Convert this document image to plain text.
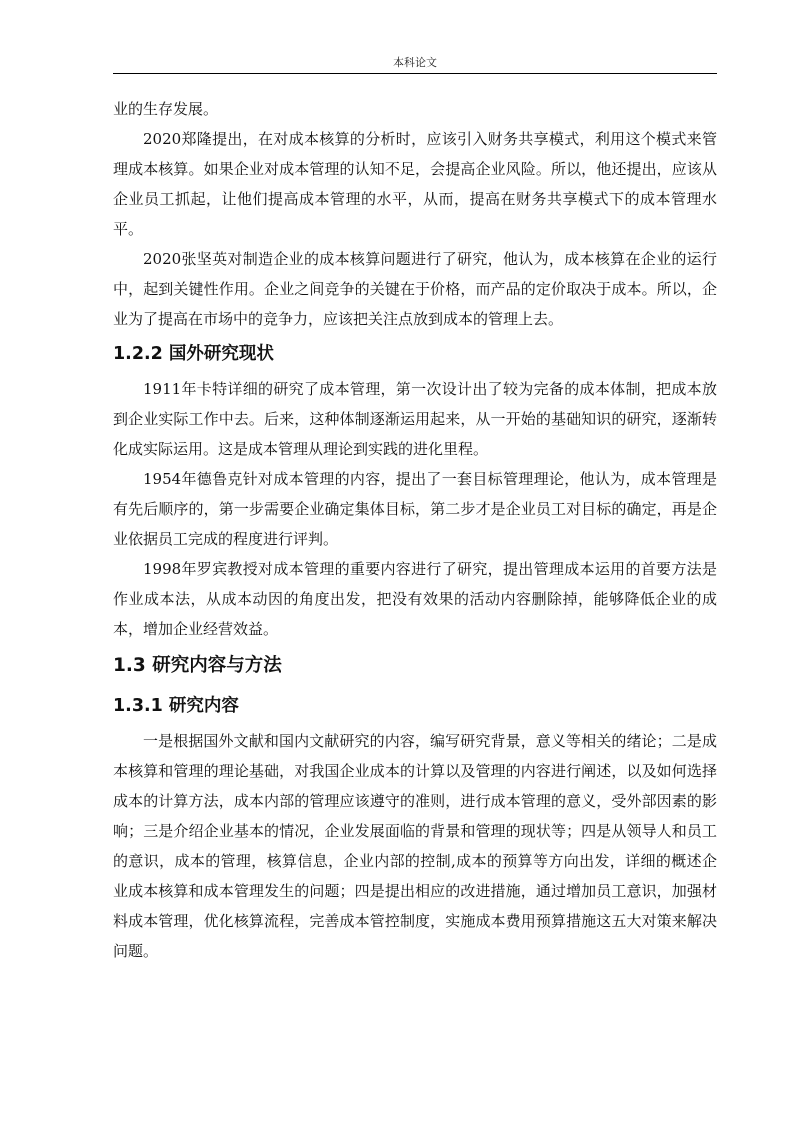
本科论文

业的生存发展。

2020郑隆提出，在对成本核算的分析时，应该引入财务共享模式，利用这个模式来管理成本核算。如果企业对成本管理的认知不足，会提高企业风险。所以，他还提出，应该从企业员工抓起，让他们提高成本管理的水平，从而，提高在财务共享模式下的成本管理水平。

2020张坚英对制造企业的成本核算问题进行了研究，他认为，成本核算在企业的运行中，起到关键性作用。企业之间竞争的关键在于价格，而产品的定价取决于成本。所以，企业为了提高在市场中的竞争力，应该把关注点放到成本的管理上去。

1.2.2 国外研究现状

1911年卡特详细的研究了成本管理，第一次设计出了较为完备的成本体制，把成本放到企业实际工作中去。后来，这种体制逐渐运用起来，从一开始的基础知识的研究，逐渐转化成实际运用。这是成本管理从理论到实践的进化里程。

1954年德鲁克针对成本管理的内容，提出了一套目标管理理论，他认为，成本管理是有先后顺序的，第一步需要企业确定集体目标，第二步才是企业员工对目标的确定，再是企业依据员工完成的程度进行评判。

1998年罗宾教授对成本管理的重要内容进行了研究，提出管理成本运用的首要方法是作业成本法，从成本动因的角度出发，把没有效果的活动内容删除掉，能够降低企业的成本，增加企业经营效益。

1.3 研究内容与方法
1.3.1 研究内容

一是根据国外文献和国内文献研究的内容，编写研究背景，意义等相关的绪论；二是成本核算和管理的理论基础，对我国企业成本的计算以及管理的内容进行阐述，以及如何选择成本的计算方法，成本内部的管理应该遵守的准则，进行成本管理的意义，受外部因素的影响；三是介绍企业基本的情况，企业发展面临的背景和管理的现状等；四是从领导人和员工的意识，成本的管理，核算信息，企业内部的控制,成本的预算等方向出发，详细的概述企业成本核算和成本管理发生的问题；四是提出相应的改进措施，通过增加员工意识，加强材料成本管理，优化核算流程，完善成本管控制度，实施成本费用预算措施这五大对策来解决问题。
